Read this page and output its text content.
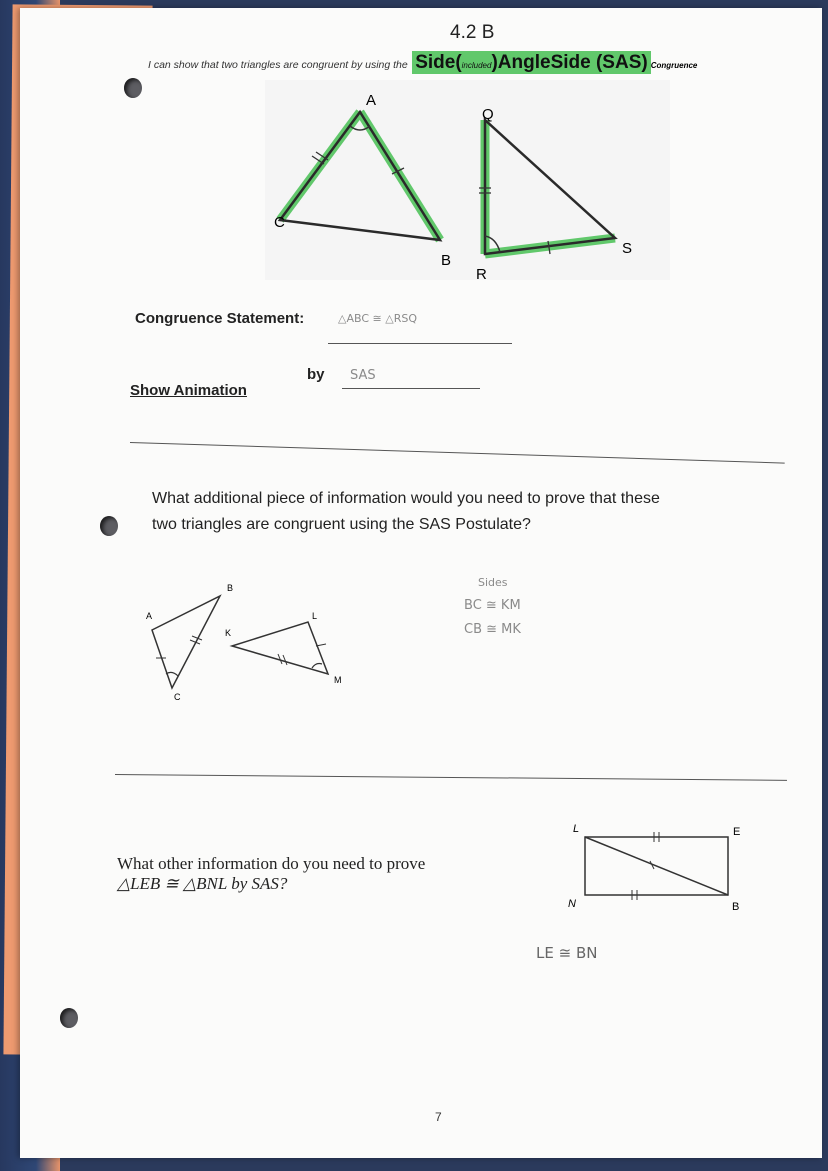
4.2 B
I can show that two triangles are congruent by using the Side(included)AngleSide (SAS) Congruence
A
C
B
Q
R
S
Congruence Statement:	△ABC ≅ △RSQ
by SAS
Show Animation
What additional piece of information would you need to prove that these
two triangles are congruent using the SAS Postulate?
A
B
C
K
L
M
Sides
BC ≅ KM
CB ≅ MK
What other information do you need to prove
△LEB ≅ △BNL by SAS?
L	E
N	B
LE ≅ BN
7
